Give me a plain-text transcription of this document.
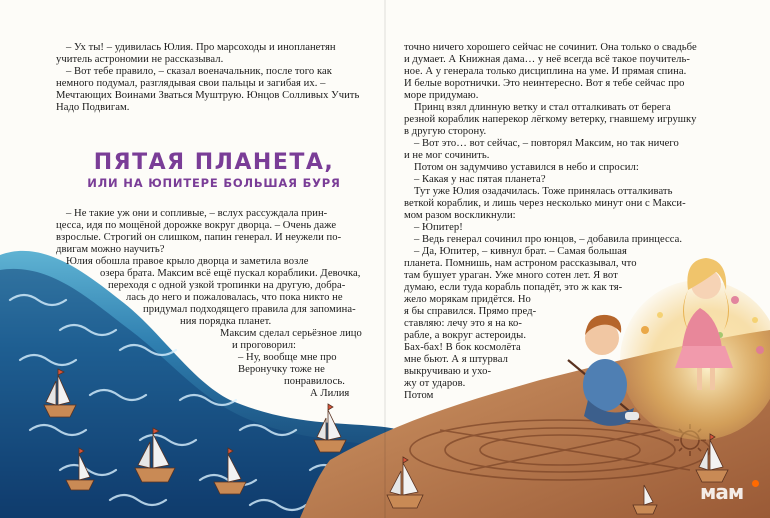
– Ух ты! – удивилась Юлия. Про марсоходы и инопланетян
учитель астрономии не рассказывал.
– Вот тебе правило, – сказал военачальник, после того как
немного подумал, разглядывая свои пальцы и загибая их. –
Мечтающих Воинами Зваться Муштрую. Юнцов Солливых Учить
Надо Подвигам.
ПЯТАЯ ПЛАНЕТА,
ИЛИ НА ЮПИТЕРЕ БОЛЬШАЯ БУРЯ
– Не такие уж они и сопливые, – вслух рассуждала прин-
цесса, идя по мощёной дорожке вокруг дворца. – Очень даже
взрослые. Строгий он слишком, папин генерал. И неужели по-
двигам можно научить?
Юлия обошла правое крыло дворца и заметила возле
озера брата. Максим всё ещё пускал кораблики. Девочка,
переходя с одной узкой тропинки на другую, добра-
лась до него и пожаловалась, что пока никто не
придумал подходящего правила для запомина-
ния порядка планет.
Максим сделал серьёзное лицо
и проговорил:
– Ну, вообще мне про
Веронучку тоже не
понравилось.
А Лилия
точно ничего хорошего сейчас не сочинит. Она только о свадьбе
и думает. А Книжная дама… у неё всегда всё такое поучитель-
ное. А у генерала только дисциплина на уме. И прямая спина.
И белые воротнички. Это неинтересно. Вот я тебе сейчас про
море придумаю.
Принц взял длинную ветку и стал отталкивать от берега
резной кораблик наперекор лёгкому ветерку, гнавшему игрушку
в другую сторону.
– Вот это… вот сейчас, – повторял Максим, но так ничего
и не мог сочинить.
Потом он задумчиво уставился в небо и спросил:
– Какая у нас пятая планета?
Тут уже Юлия озадачилась. Тоже принялась отталкивать
веткой кораблик, и лишь через несколько минут они с Макси-
мом разом воскликнули:
– Юпитер!
– Ведь генерал сочинил про юнцов, – добавила принцесса.
– Да, Юпитер, – кивнул брат. – Самая большая
планета. Помнишь, нам астроном рассказывал, что
там бушует ураган. Уже много сотен лет. Я вот
думаю, если туда корабль попадёт, это ж как тя-
жело морякам придётся. Но
я бы справился. Прямо пред-
ставляю: лечу это я на ко-
рабле, а вокруг астероиды.
Бах-бах! В бок космолёта
мне бьют. А я штурвал
выкручиваю и ухо-
жу от ударов.
Потом
мам
